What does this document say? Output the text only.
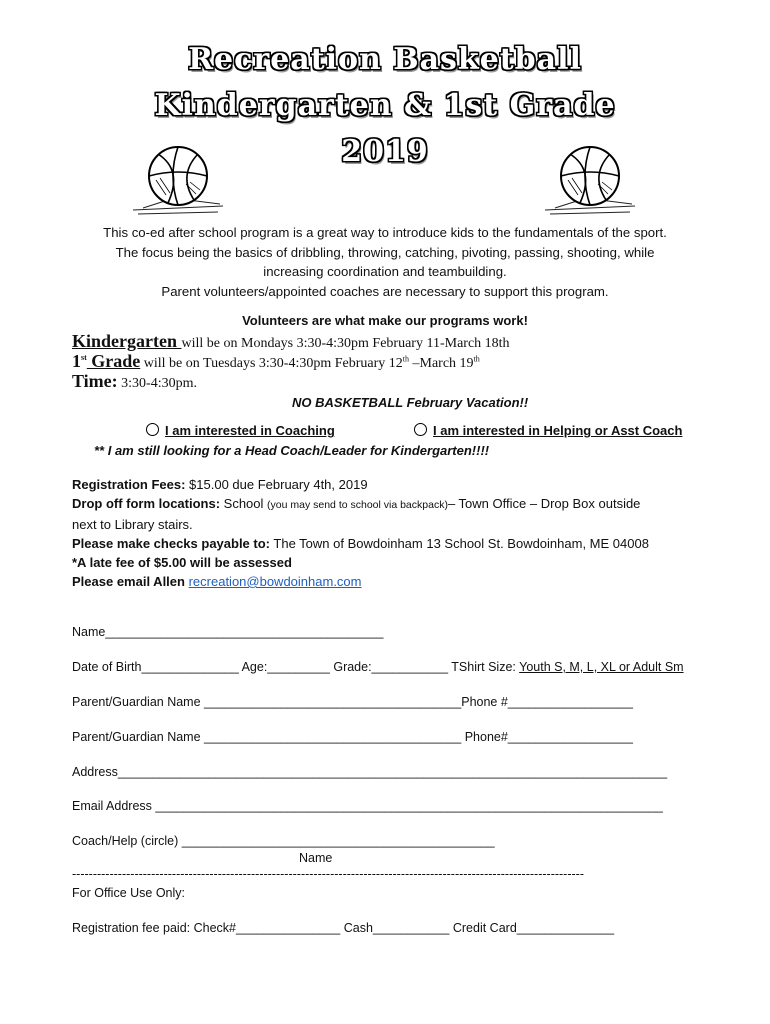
Recreation Basketball
Kindergarten & 1st Grade
2019
This co-ed after school program is a great way to introduce kids to the fundamentals of the sport.
The focus being the basics of dribbling, throwing, catching, pivoting, passing, shooting, while
increasing coordination and teambuilding.
Parent volunteers/appointed coaches are necessary to support this program.
Volunteers are what make our programs work!
Kindergarten will be on Mondays 3:30-4:30pm February 11-March 18th
1st Grade will be on Tuesdays 3:30-4:30pm February 12th –March 19th
Time: 3:30-4:30pm.
NO BASKETBALL February Vacation!!
I am interested in Coaching	I am interested in Helping or Asst Coach
** I am still looking for a Head Coach/Leader for Kindergarten!!!!
Registration Fees: $15.00 due February 4th, 2019
Drop off form locations: School (you may send to school via backpack)– Town Office – Drop Box outside
next to Library stairs.
Please make checks payable to: The Town of Bowdoinham 13 School St. Bowdoinham, ME 04008
*A late fee of $5.00 will be assessed
Please email Allen recreation@bowdoinham.com
Name________________________________________
Date of Birth______________ Age:_________ Grade:___________ TShirt Size: Youth S, M, L, XL or Adult Sm
Parent/Guardian Name _____________________________________Phone #__________________
Parent/Guardian Name _____________________________________ Phone#__________________
Address_______________________________________________________________________________
Email Address _________________________________________________________________________
Coach/Help (circle) _____________________________________________
Name
---------------------------------------------------------------------------------------------------------------------------
For Office Use Only:
Registration fee paid: Check#_______________ Cash___________ Credit Card______________
